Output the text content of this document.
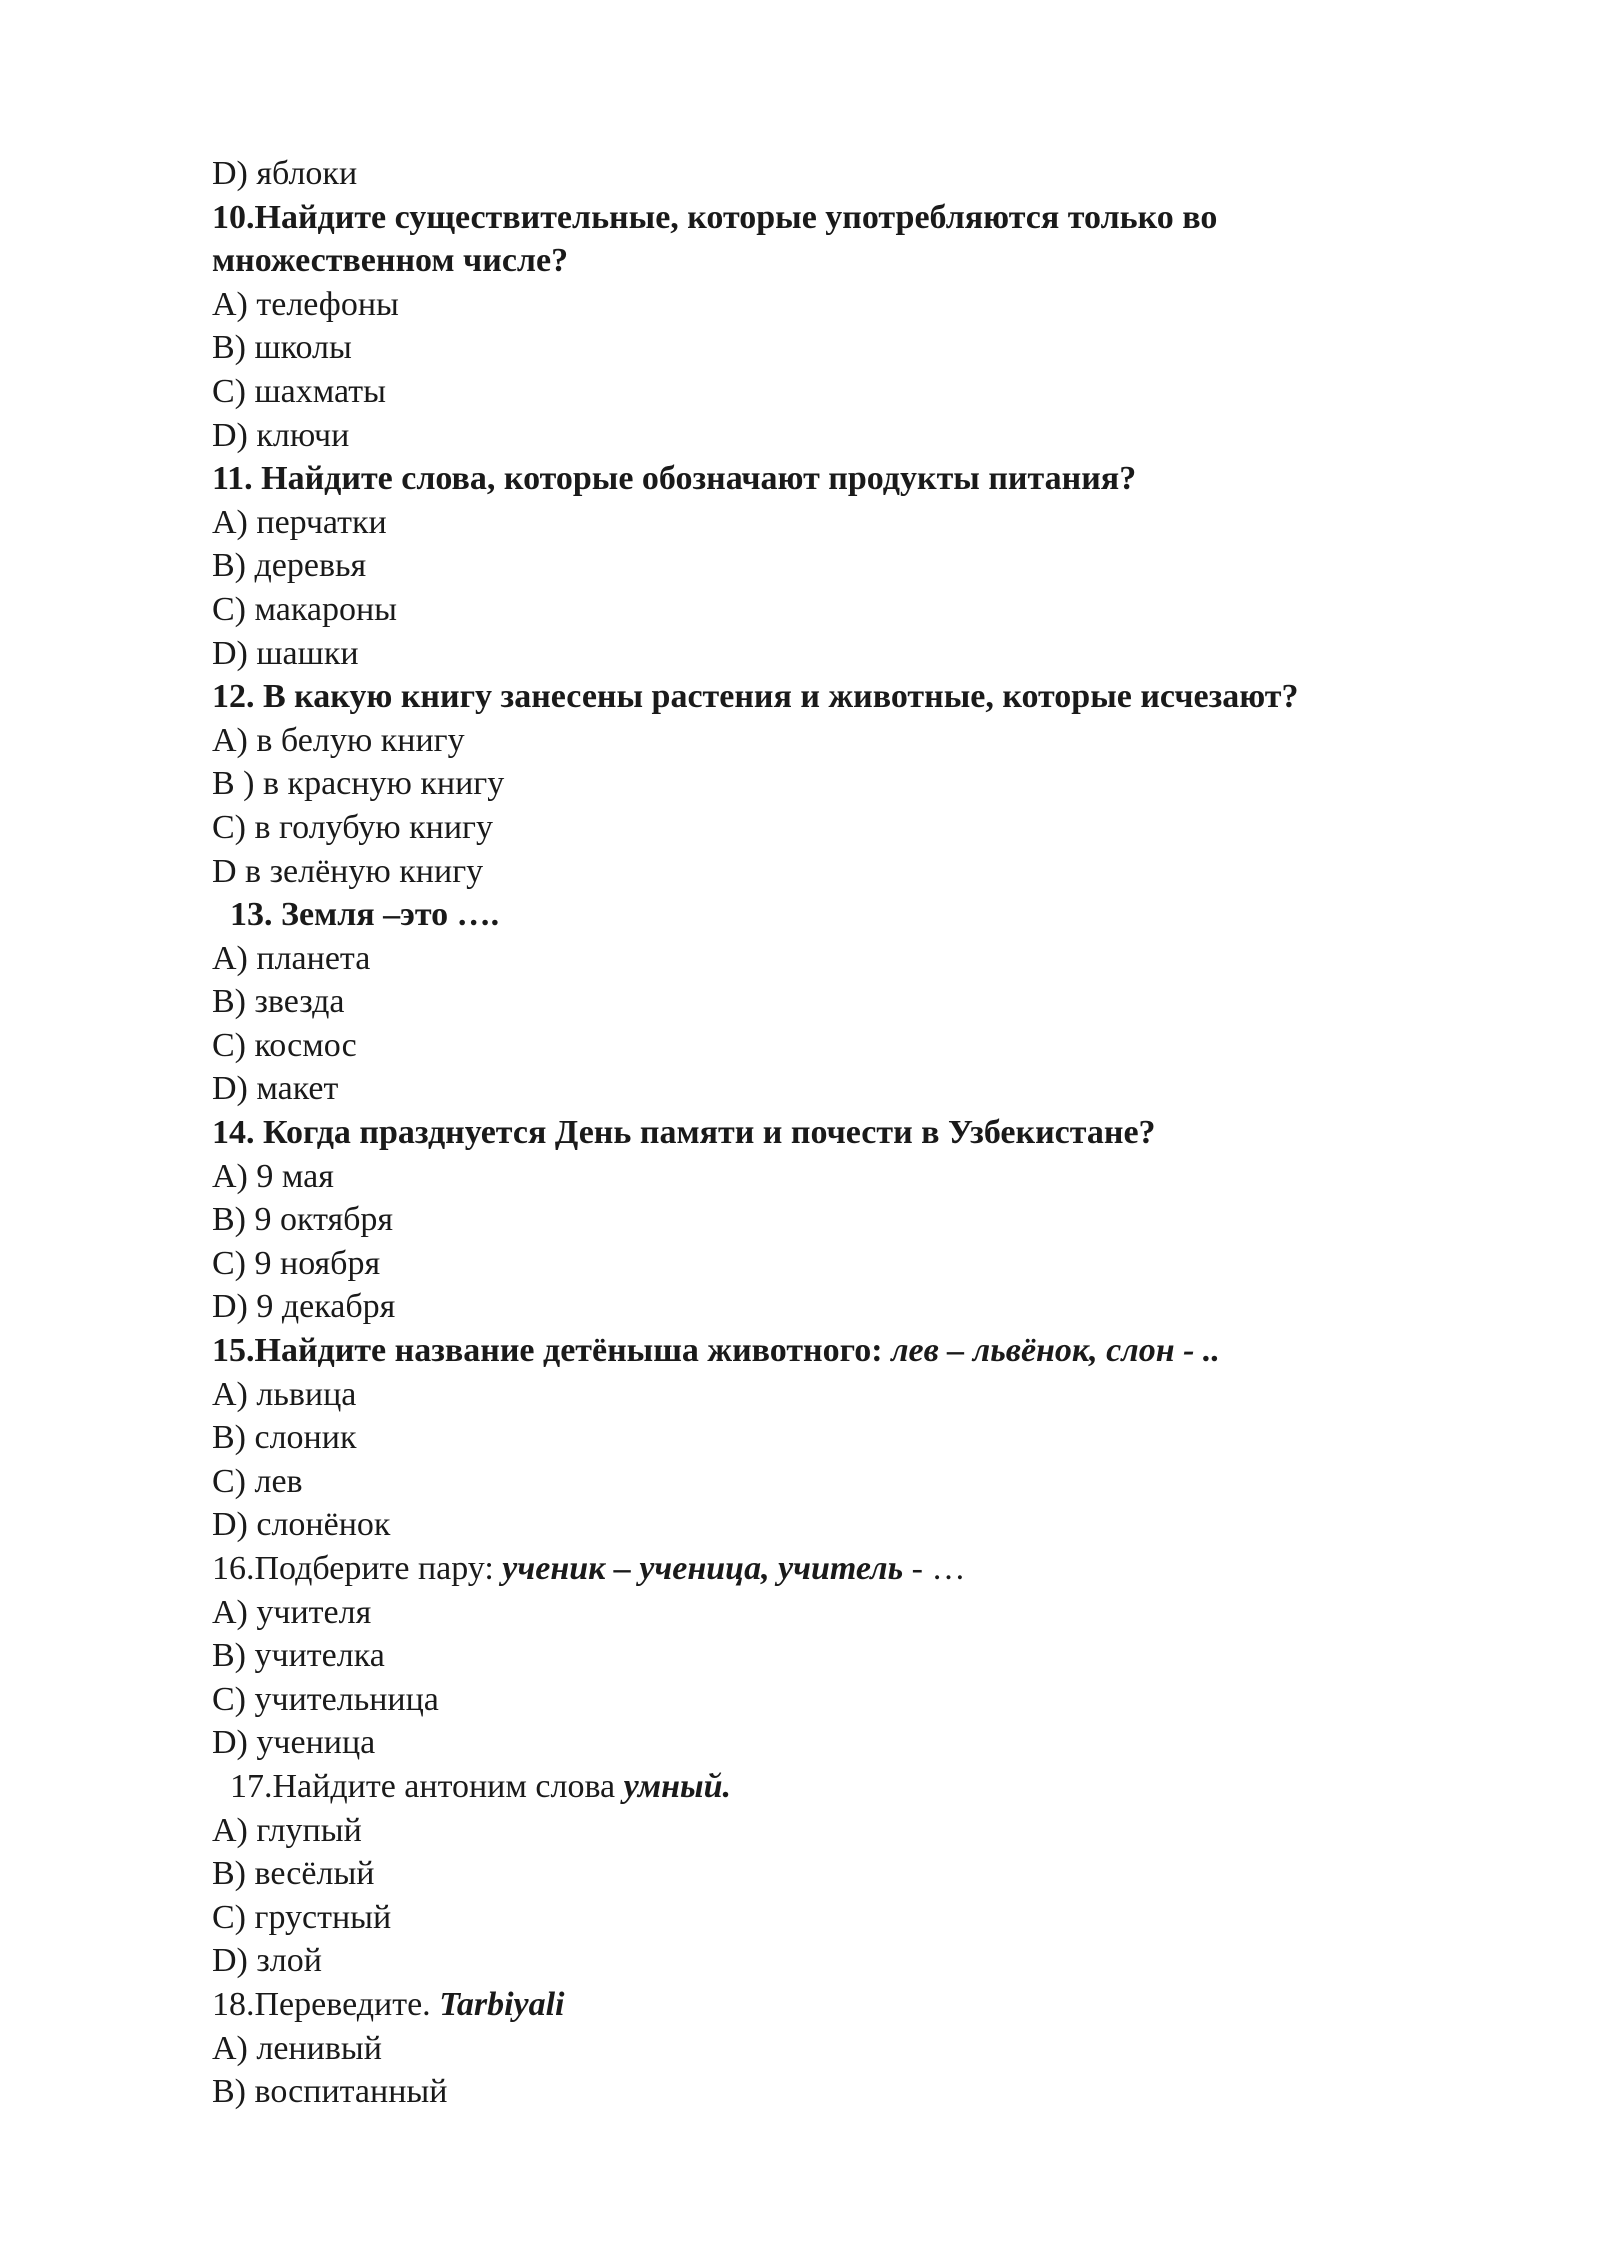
D) яблоки
10.Найдите существительные, которые употребляются только во множественном числе?
A) телефоны
B) школы
C) шахматы
D) ключи
11. Найдите слова, которые обозначают продукты питания?
A) перчатки
B) деревья
C) макароны
D) шашки
12. В какую книгу занесены растения и животные, которые исчезают?
A) в белую книгу
B ) в красную книгу
C) в голубую книгу
D в зелёную книгу
13. Земля –это ….
A) планета
B) звезда
C) космос
D) макет
14. Когда празднуется День памяти и почести в Узбекистане?
A) 9 мая
B) 9 октября
C) 9 ноября
D) 9 декабря
15.Найдите название детёныша животного: лев – львёнок, слон - ..
A) львица
B) слоник
C) лев
D) слонёнок
16.Подберите пару: ученик – ученица, учитель - …
A) учителя
B) учителка
C) учительница
D) ученица
17.Найдите антоним слова умный.
A) глупый
B) весёлый
C) грустный
D) злой
18.Переведите. Tarbiyali
A) ленивый
B) воспитанный
